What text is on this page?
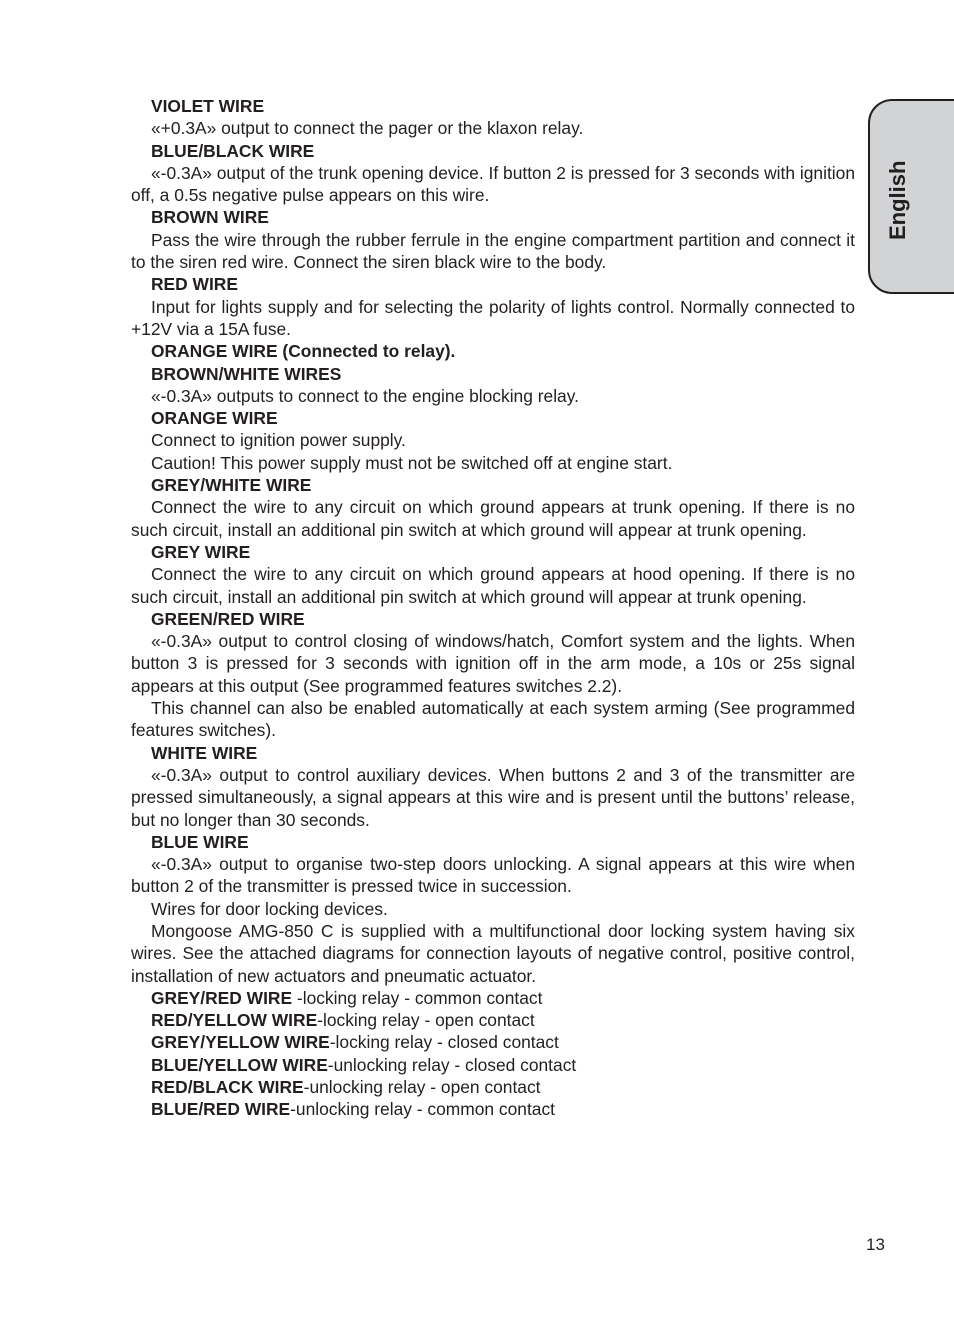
English
VIOLET WIRE
«+0.3A» output to connect the pager or the klaxon relay.
BLUE/BLACK WIRE
«-0.3A» output of the trunk opening device. If button 2 is pressed for 3 seconds with ignition off, a 0.5s negative pulse appears on this wire.
BROWN WIRE
Pass the wire through the rubber ferrule in the engine compartment partition and connect it to the siren red wire. Connect the siren black wire to the body.
RED WIRE
Input for lights supply and for selecting the polarity of lights control. Normally connected to +12V via a 15A fuse.
ORANGE WIRE (Connected to relay).
BROWN/WHITE WIRES
«-0.3A» outputs to connect to the engine blocking relay.
ORANGE WIRE
Connect to ignition power supply.
Caution! This power supply must not be switched off at engine start.
GREY/WHITE WIRE
Connect the wire to any circuit on which ground appears at trunk opening. If there is no such circuit, install an additional pin switch at which ground will appear at trunk opening.
GREY WIRE
Connect the wire to any circuit on which ground appears at hood opening. If there is no such circuit, install an additional pin switch at which ground will appear at trunk opening.
GREEN/RED WIRE
«-0.3A» output to control closing of windows/hatch, Comfort system and the lights. When button 3 is pressed for 3 seconds with ignition off in the arm mode, a 10s or 25s signal appears at this output (See programmed features switches 2.2).
This channel can also be enabled automatically at each system arming (See programmed features switches).
WHITE WIRE
«-0.3A» output to control auxiliary devices. When buttons 2 and 3 of the transmitter are pressed simultaneously, a signal appears at this wire and is present until the buttons’ release, but no longer than 30 seconds.
BLUE WIRE
«-0.3A» output to organise two-step doors unlocking. A signal appears at this wire when button 2 of the transmitter is pressed twice in succession.
Wires for door locking devices.
Mongoose AMG-850 C is supplied with a multifunctional door locking system having six wires. See the attached diagrams for connection layouts of negative control, positive control, installation of new actuators and pneumatic actuator.
GREY/RED WIRE -locking relay - common contact
RED/YELLOW WIRE-locking relay - open contact
GREY/YELLOW WIRE-locking relay - closed contact
BLUE/YELLOW WIRE-unlocking relay - closed contact
RED/BLACK WIRE-unlocking relay - open contact
BLUE/RED WIRE-unlocking relay - common contact
13
